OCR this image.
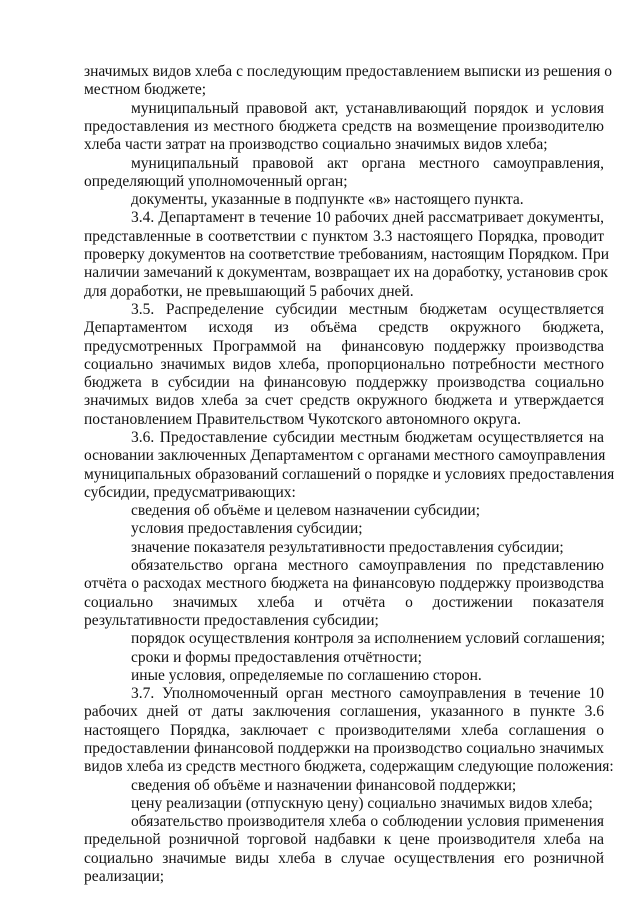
значимых видов хлеба с последующим предоставлением выписки из решения о
местном бюджете;
муниципальный правовой акт, устанавливающий порядок и условия
предоставления из местного бюджета средств на возмещение производителю
хлеба части затрат на производство социально значимых видов хлеба;
муниципальный правовой акт органа местного самоуправления,
определяющий уполномоченный орган;
документы, указанные в подпункте «в» настоящего пункта.
3.4. Департамент в течение 10 рабочих дней рассматривает документы,
представленные в соответствии с пунктом 3.3 настоящего Порядка, проводит
проверку документов на соответствие требованиям, настоящим Порядком. При
наличии замечаний к документам, возвращает их на доработку, установив срок
для доработки, не превышающий 5 рабочих дней.
3.5. Распределение субсидии местным бюджетам осуществляется
Департаментом исходя из объёма средств окружного бюджета,
предусмотренных Программой на  финансовую поддержку производства
социально значимых видов хлеба, пропорционально потребности местного
бюджета в субсидии на финансовую поддержку производства социально
значимых видов хлеба за счет средств окружного бюджета и утверждается
постановлением Правительством Чукотского автономного округа.
3.6. Предоставление субсидии местным бюджетам осуществляется на
основании заключенных Департаментом с органами местного самоуправления
муниципальных образований соглашений о порядке и условиях предоставления
субсидии, предусматривающих:
сведения об объёме и целевом назначении субсидии;
условия предоставления субсидии;
значение показателя результативности предоставления субсидии;
обязательство органа местного самоуправления по представлению
отчёта о расходах местного бюджета на финансовую поддержку производства
социально значимых хлеба и отчёта о достижении показателя
результативности предоставления субсидии;
порядок осуществления контроля за исполнением условий соглашения;
сроки и формы предоставления отчётности;
иные условия, определяемые по соглашению сторон.
3.7. Уполномоченный орган местного самоуправления в течение 10
рабочих дней от даты заключения соглашения, указанного в пункте 3.6
настоящего Порядка, заключает с производителями хлеба соглашения о
предоставлении финансовой поддержки на производство социально значимых
видов хлеба из средств местного бюджета, содержащим следующие положения:
сведения об объёме и назначении финансовой поддержки;
цену реализации (отпускную цену) социально значимых видов хлеба;
обязательство производителя хлеба о соблюдении условия применения
предельной розничной торговой надбавки к цене производителя хлеба на
социально значимые виды хлеба в случае осуществления его розничной
реализации;
